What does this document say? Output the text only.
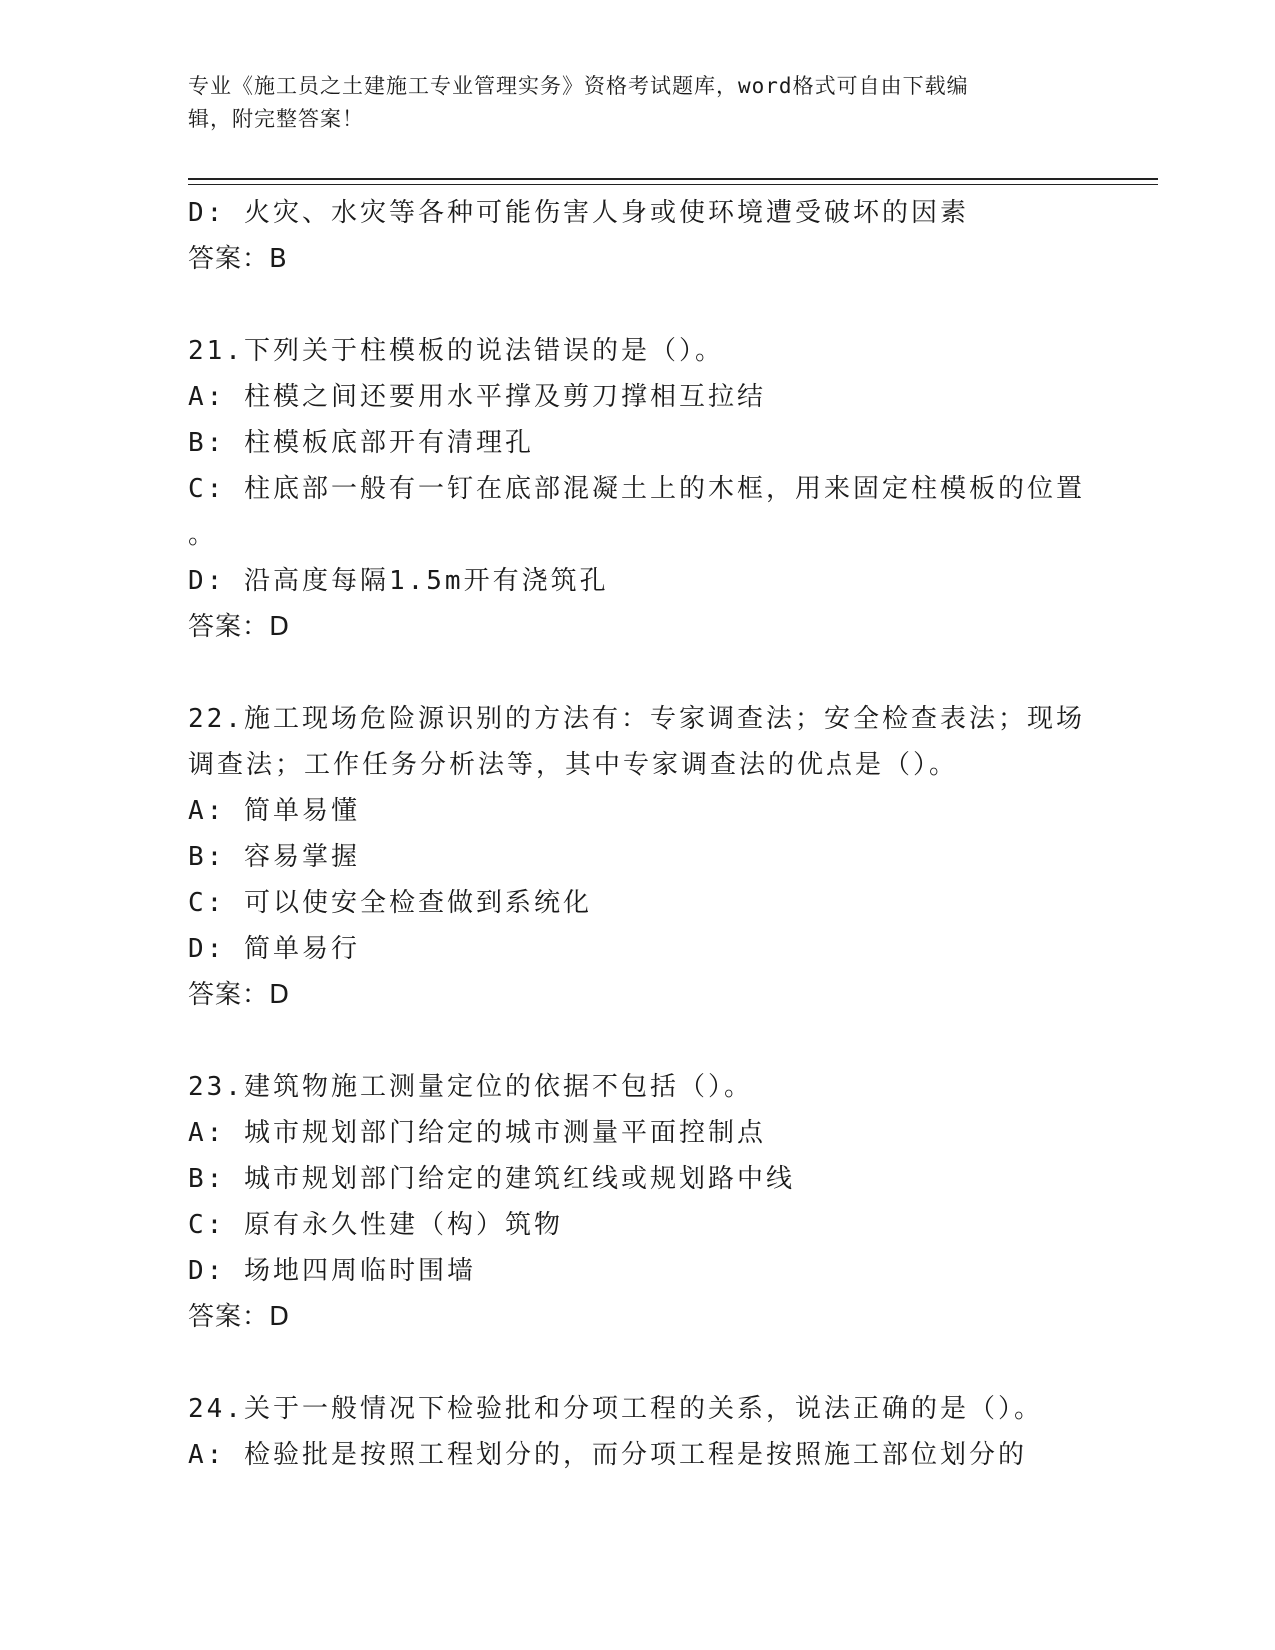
专业《施工员之土建施工专业管理实务》资格考试题库，word格式可自由下载编
辑，附完整答案！
D: 火灾、水灾等各种可能伤害人身或使环境遭受破坏的因素
答案：B
21.下列关于柱模板的说法错误的是（）。
A: 柱模之间还要用水平撑及剪刀撑相互拉结
B: 柱模板底部开有清理孔
C: 柱底部一般有一钉在底部混凝土上的木框，用来固定柱模板的位置
。
D: 沿高度每隔1.5m开有浇筑孔
答案：D
22.施工现场危险源识别的方法有：专家调查法；安全检查表法；现场
调查法；工作任务分析法等，其中专家调查法的优点是（）。
A: 简单易懂
B: 容易掌握
C: 可以使安全检查做到系统化
D: 简单易行
答案：D
23.建筑物施工测量定位的依据不包括（）。
A: 城市规划部门给定的城市测量平面控制点
B: 城市规划部门给定的建筑红线或规划路中线
C: 原有永久性建（构）筑物
D: 场地四周临时围墙
答案：D
24.关于一般情况下检验批和分项工程的关系，说法正确的是（）。
A: 检验批是按照工程划分的，而分项工程是按照施工部位划分的
